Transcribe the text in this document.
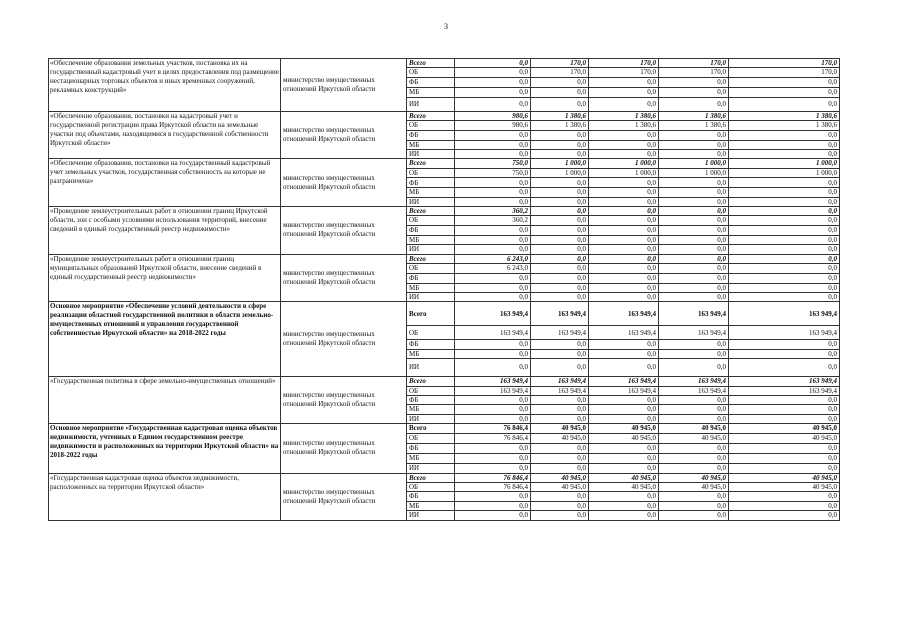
3
«Обеспечение образования земельных участков, постановка их на государственный кадастровый учет в целях предоставления под размещение нестационарных торговых объектов и иных временных сооружений, рекламных конструкций»	министерство имущественных отношений Иркутской области	Всего	0,0	170,0	170,0	170,0	170,0
		ОБ	0,0	170,0	170,0	170,0	170,0
		ФБ	0,0	0,0	0,0	0,0	0,0
		МБ	0,0	0,0	0,0	0,0	0,0
		ИИ	0,0	0,0	0,0	0,0	0,0
«Обеспечение образования, постановки на кадастровый учет и государственной регистрации права Иркутской области на земельные участки под объектами, находящимися в государственной собственности Иркутской области»	министерство имущественных отношений Иркутской области	Всего	980,6	1 380,6	1 380,6	1 380,6	1 380,6
		ОБ	980,6	1 380,6	1 380,6	1 380,6	1 380,6
		ФБ	0,0	0,0	0,0	0,0	0,0
		МБ	0,0	0,0	0,0	0,0	0,0
		ИИ	0,0	0,0	0,0	0,0	0,0
«Обеспечение образования, постановки на государственный кадастровый учет земельных участков, государственная собственность на которые не разграничена»	министерство имущественных отношений Иркутской области	Всего	750,0	1 000,0	1 000,0	1 000,0	1 000,0
		ОБ	750,0	1 000,0	1 000,0	1 000,0	1 000,0
		ФБ	0,0	0,0	0,0	0,0	0,0
		МБ	0,0	0,0	0,0	0,0	0,0
		ИИ	0,0	0,0	0,0	0,0	0,0
«Проведение землеустроительных работ в отношении границ Иркутской области, зон с особыми условиями использования территорий, внесение сведений в единый государственный реестр недвижимости»	министерство имущественных отношений Иркутской области	Всего	360,2	0,0	0,0	0,0	0,0
		ОБ	360,2	0,0	0,0	0,0	0,0
		ФБ	0,0	0,0	0,0	0,0	0,0
		МБ	0,0	0,0	0,0	0,0	0,0
		ИИ	0,0	0,0	0,0	0,0	0,0
«Проведение землеустроительных работ в отношении границ муниципальных образований Иркутской области, внесение сведений в единый государственный реестр недвижимости»	министерство имущественных отношений Иркутской области	Всего	6 243,0	0,0	0,0	0,0	0,0
		ОБ	6 243,0	0,0	0,0	0,0	0,0
		ФБ	0,0	0,0	0,0	0,0	0,0
		МБ	0,0	0,0	0,0	0,0	0,0
		ИИ	0,0	0,0	0,0	0,0	0,0
Основное мероприятие «Обеспечение условий деятельности в сфере реализации областной государственной политики в области земельно-имущественных отношений и управления государственной собственностью Иркутской области» на 2018-2022 годы	министерство имущественных отношений Иркутской области	Всего	163 949,4	163 949,4	163 949,4	163 949,4	163 949,4
		ОБ	163 949,4	163 949,4	163 949,4	163 949,4	163 949,4
		ФБ	0,0	0,0	0,0	0,0	0,0
		МБ	0,0	0,0	0,0	0,0	0,0
		ИИ	0,0	0,0	0,0	0,0	0,0
«Государственная политика в сфере земельно-имущественных отношений»	министерство имущественных отношений Иркутской области	Всего	163 949,4	163 949,4	163 949,4	163 949,4	163 949,4
		ОБ	163 949,4	163 949,4	163 949,4	163 949,4	163 949,4
		ФБ	0,0	0,0	0,0	0,0	0,0
		МБ	0,0	0,0	0,0	0,0	0,0
		ИИ	0,0	0,0	0,0	0,0	0,0
Основное мероприятие «Государственная кадастровая оценка объектов недвижимости, учтенных в Едином государственном реестре недвижимости и расположенных на территории Иркутской области» на 2018-2022 годы	министерство имущественных отношений Иркутской области	Всего	76 846,4	40 945,0	40 945,0	40 945,0	40 945,0
		ОБ	76 846,4	40 945,0	40 945,0	40 945,0	40 945,0
		ФБ	0,0	0,0	0,0	0,0	0,0
		МБ	0,0	0,0	0,0	0,0	0,0
		ИИ	0,0	0,0	0,0	0,0	0,0
«Государственная кадастровая оценка объектов недвижимости, расположенных на территории Иркутской области»	министерство имущественных отношений Иркутской области	Всего	76 846,4	40 945,0	40 945,0	40 945,0	40 945,0
		ОБ	76 846,4	40 945,0	40 945,0	40 945,0	40 945,0
		ФБ	0,0	0,0	0,0	0,0	0,0
		МБ	0,0	0,0	0,0	0,0	0,0
		ИИ	0,0	0,0	0,0	0,0	0,0
